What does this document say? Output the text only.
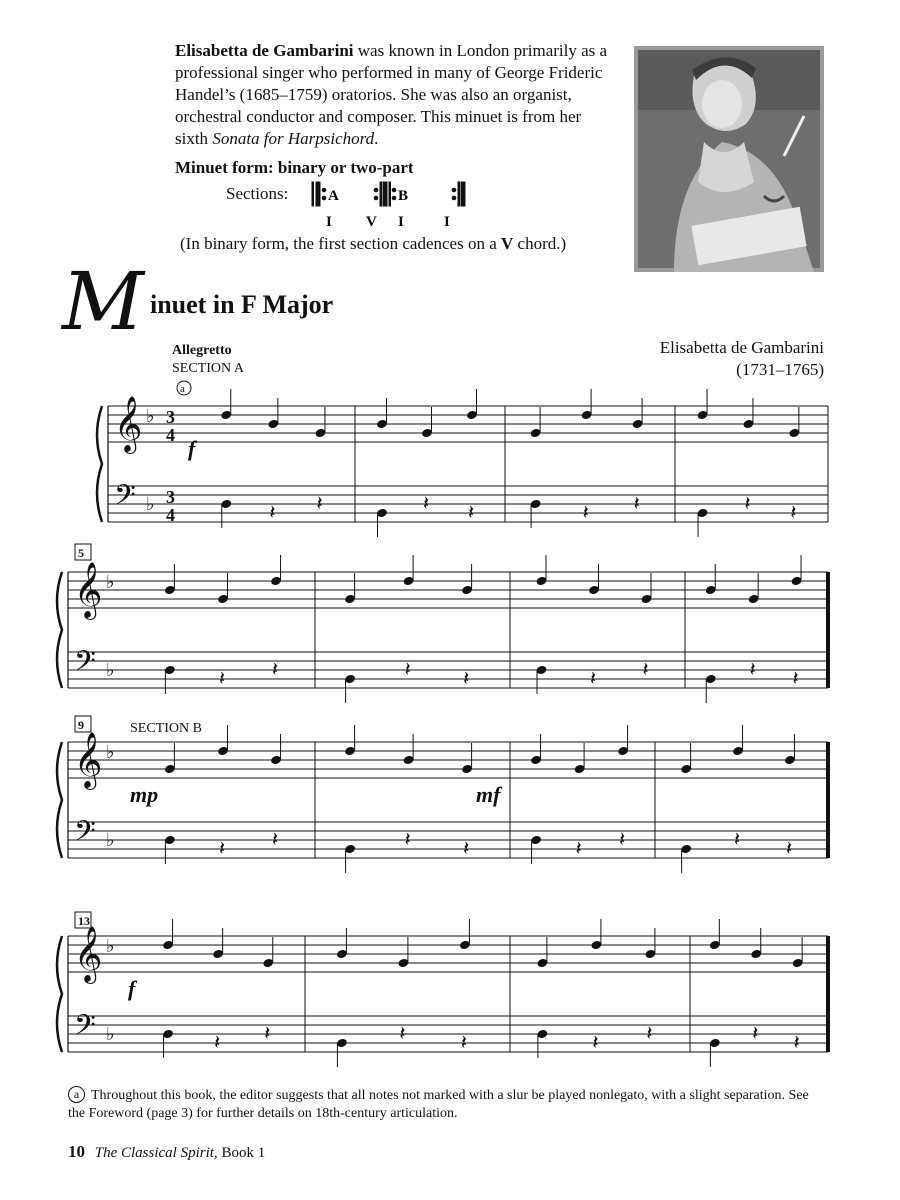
Elisabetta de Gambarini was known in London primarily as a professional singer who performed in many of George Frideric Handel’s (1685–1759) oratorios. She was also an organist, orchestral conductor and composer. This minuet is from her sixth Sonata for Harpsichord.
Minuet form: binary or two-part
Sections:	A	B
I V I	I
(In binary form, the first section cadences on a V chord.)
M inuet in F Major
Allegretto
SECTION A
Elisabetta de Gambarini
(1731–1765)
𝄞 ♭
𝄢 ♭
3
4
3
4
f
𝄽 𝄽	𝄽 𝄽	𝄽 𝄽	𝄽 𝄽
𝄞 ♭
𝄢 ♭
5
mp
𝄽 𝄽	𝄽	𝄽	𝄽 𝄽	𝄽 𝄽
𝄞 ♭
𝄢 ♭
9
mf
𝄽 𝄽	𝄽	𝄽	𝄽 𝄽	𝄽 𝄽
𝄞 ♭
𝄢 ♭
13
f
𝄽 𝄽	𝄽	𝄽	𝄽 𝄽	𝄽 𝄽
SECTION B
a
a Throughout this book, the editor suggests that all notes not marked with a slur be played nonlegato, with a slight separation. See the Foreword (page 3) for further details on 18th-century articulation.
10 The Classical Spirit, Book 1
